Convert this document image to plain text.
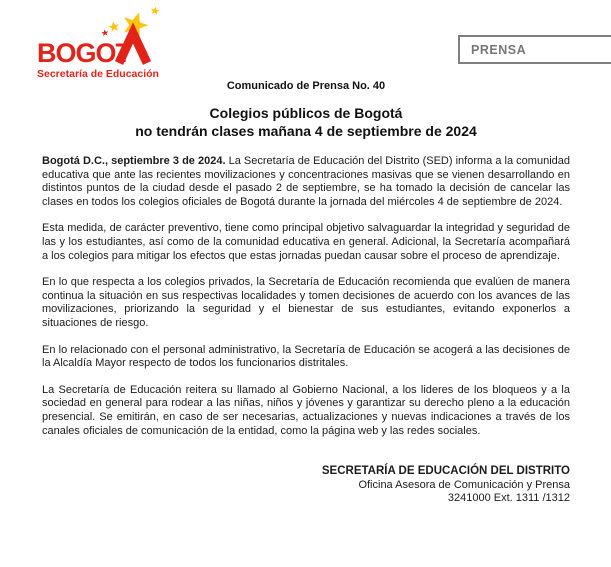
BOGOT
Secretaría de Educación
PRENSA
Comunicado de Prensa No. 40
Colegios públicos de Bogotá
no tendrán clases mañana 4 de septiembre de 2024

Bogotá D.C., septiembre 3 de 2024. La Secretaría de Educación del Distrito (SED) informa a la comunidad educativa que ante las recientes movilizaciones y concentraciones masivas que se vienen desarrollando en distintos puntos de la ciudad desde el pasado 2 de septiembre, se ha tomado la decisión de cancelar las clases en todos los colegios oficiales de Bogotá durante la jornada del miércoles 4 de septiembre de 2024.

Esta medida, de carácter preventivo, tiene como principal objetivo salvaguardar la integridad y seguridad de las y los estudiantes, así como de la comunidad educativa en general. Adicional, la Secretaría acompañará a los colegios para mitigar los efectos que estas jornadas puedan causar sobre el proceso de aprendizaje.

En lo que respecta a los colegios privados, la Secretaría de Educación recomienda que evalúen de manera continua la situación en sus respectivas localidades y tomen decisiones de acuerdo con los avances de las movilizaciones, priorizando la seguridad y el bienestar de sus estudiantes, evitando exponerlos a situaciones de riesgo.

En lo relacionado con el personal administrativo, la Secretaría de Educación se acogerá a las decisiones de la Alcaldía Mayor respecto de todos los funcionarios distritales.

La Secretaría de Educación reitera su llamado al Gobierno Nacional, a los lideres de los bloqueos y a la sociedad en general para rodear a las niñas, niños y jóvenes y garantizar su derecho pleno a la educación presencial. Se emitirán, en caso de ser necesarias, actualizaciones y nuevas indicaciones a través de los canales oficiales de comunicación de la entidad, como la página web y las redes sociales.

SECRETARÍA DE EDUCACIÓN DEL DISTRITO
Oficina Asesora de Comunicación y Prensa
3241000 Ext. 1311 /1312
